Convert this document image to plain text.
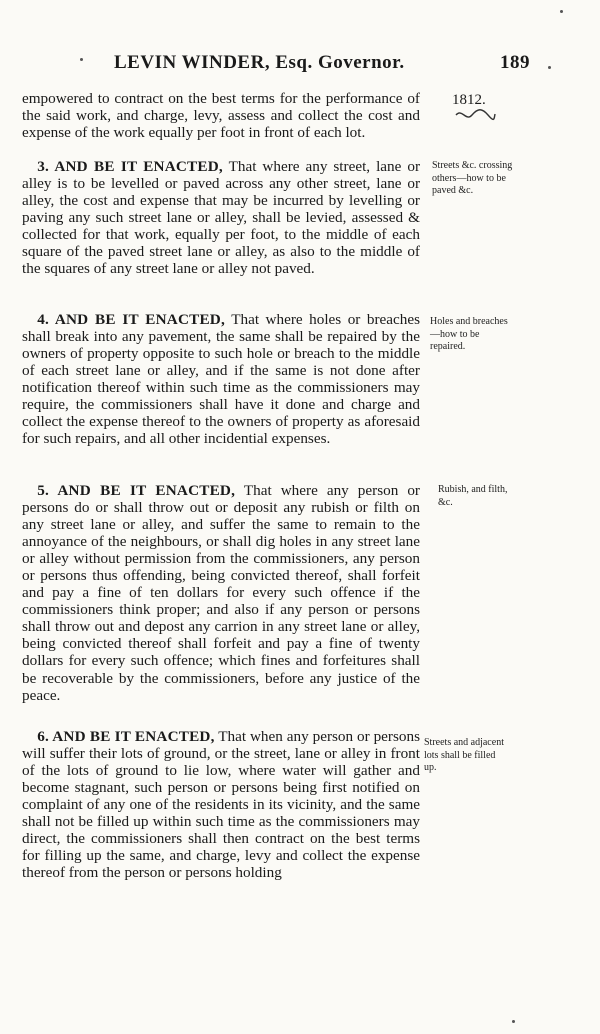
LEVIN WINDER, Esq. Governor.	189
1812.

empowered to contract on the best terms for the performance of the said work, and charge, levy, assess and collect the cost and expense of the work equally per foot in front of each lot.

 3. AND BE IT ENACTED, That where any street, lane or alley is to be levelled or paved across any other street, lane or alley, the cost and expense that may be incurred by levelling or paving any such street lane or alley, shall be levied, assessed & collected for that work, equally per foot, to the middle of each square of the paved street lane or alley, as also to the middle of the squares of any street lane or alley not paved.

 4. AND BE IT ENACTED, That where holes or breaches shall break into any pavement, the same shall be repaired by the owners of property opposite to such hole or breach to the middle of each street lane or alley, and if the same is not done after notification thereof within such time as the commissioners may require, the commissioners shall have it done and charge and collect the expense thereof to the owners of property as aforesaid for such repairs, and all other incidential expenses.

 5. AND BE IT ENACTED, That where any person or persons do or shall throw out or deposit any rubish or filth on any street lane or alley, and suffer the same to remain to the annoyance of the neighbours, or shall dig holes in any street lane or alley without permission from the commissioners, any person or persons thus offending, being convicted thereof, shall forfeit and pay a fine of ten dollars for every such offence if the commissioners think proper; and also if any person or persons shall throw out and depost any carrion in any street lane or alley, being convicted thereof shall forfeit and pay a fine of twenty dollars for every such offence; which fines and forfeitures shall be recoverable by the commissioners, before any justice of the peace.

 6. AND BE IT ENACTED, That when any person or persons will suffer their lots of ground, or the street, lane or alley in front of the lots of ground to lie low, where water will gather and become stagnant, such person or persons being first notified on complaint of any one of the residents in its vicinity, and the same shall not be filled up within such time as the commissioners may direct, the commissioners shall then contract on the best terms for filling up the same, and charge, levy and collect the expense thereof from the person or persons holding

Streets &c. crossing others—how to be paved &c.
Holes and breaches—how to be repaired.
Rubish, and filth, &c.
Streets and adjacent lots shall be filled up.
